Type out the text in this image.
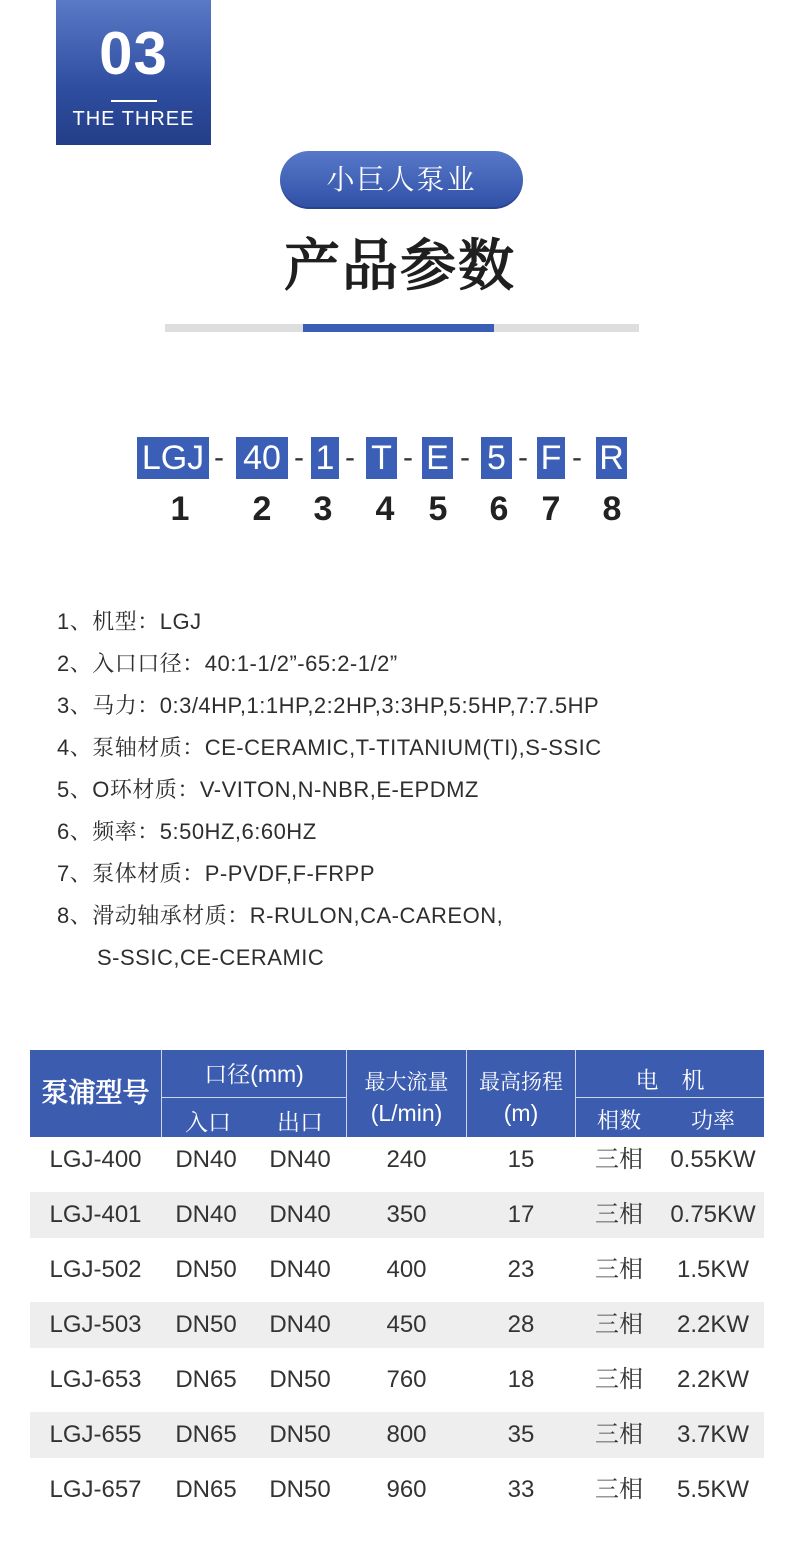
03
THE THREE
小巨人泵业
产品参数
LGJ - 40 - 1 - T - E - 5 - F - R
1	2	3	4	5	6 7	8
1、机型：LGJ
2、入口口径：40:1-1/2”-65:2-1/2”
3、马力：0:3/4HP,1:1HP,2:2HP,3:3HP,5:5HP,7:7.5HP
4、泵轴材质：CE-CERAMIC,T-TITANIUM(TI),S-SSIC
5、O环材质：V-VITON,N-NBR,E-EPDMZ
6、频率：5:50HZ,6:60HZ
7、泵体材质：P-PVDF,F-FRPP
8、滑动轴承材质：R-RULON,CA-CAREON,
S-SSIC,CE-CERAMIC
泵浦型号
口径(mm)
入口	出口
最大流量
(L/min)
最高扬程
(m)
电　机
相数	功率
LGJ-400	DN40	DN40	240	15	三相	0.55KW
LGJ-401	DN40	DN40	350	17	三相	0.75KW
LGJ-502	DN50	DN40	400	23	三相	1.5KW
LGJ-503	DN50	DN40	450	28	三相	2.2KW
LGJ-653	DN65	DN50	760	18	三相	2.2KW
LGJ-655	DN65	DN50	800	35	三相	3.7KW
LGJ-657	DN65	DN50	960	33	三相	5.5KW
